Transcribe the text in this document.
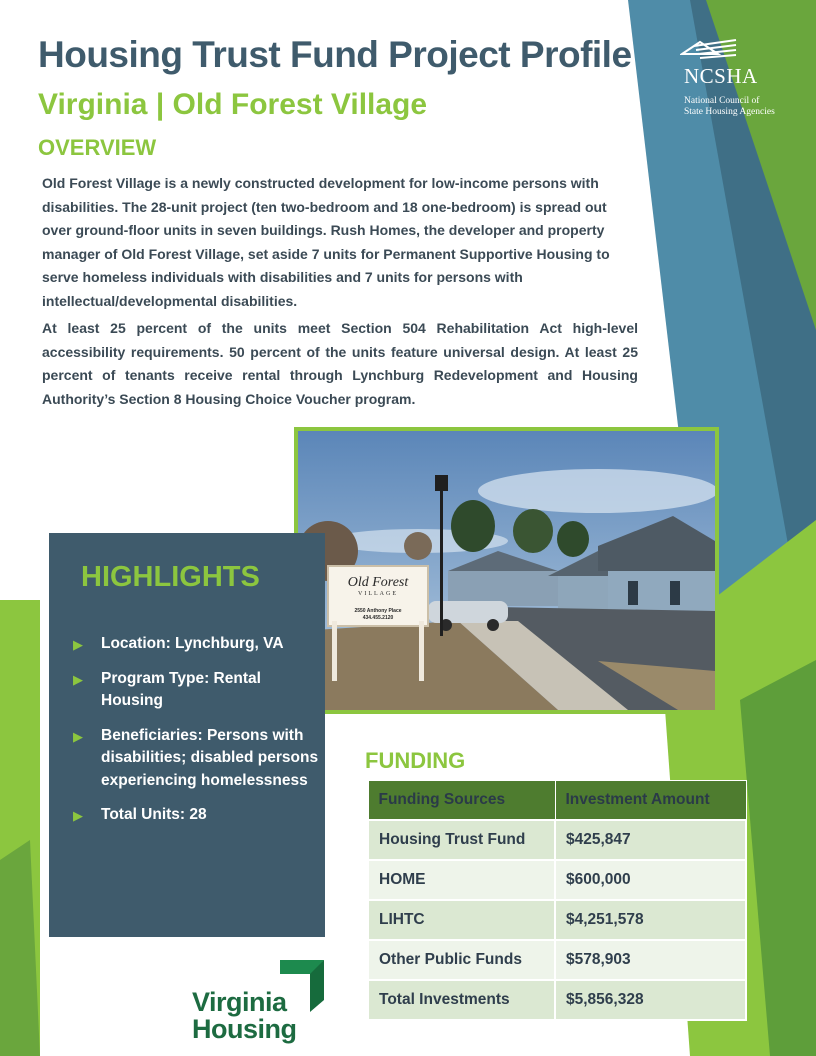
Housing Trust Fund Project Profile
Virginia | Old Forest Village
OVERVIEW
Old Forest Village is a newly constructed development for low-income persons with disabilities. The 28-unit project (ten two-bedroom and 18 one-bedroom) is spread out over ground-floor units in seven buildings. Rush Homes, the developer and property manager of Old Forest Village, set aside 7 units for Permanent Supportive Housing to serve homeless individuals with disabilities and 7 units for persons with intellectual/developmental disabilities.
At least 25 percent of the units meet Section 504 Rehabilitation Act high-level accessibility requirements. 50 percent of the units feature universal design. At least 25 percent of tenants receive rental through Lynchburg Redevelopment and Housing Authority’s Section 8 Housing Choice Voucher program.
NCSHA
National Council of
State Housing Agencies
Old Forest
VILLAGE
2550 Anthony Place
434.455.2120
HIGHLIGHTS
▶ Location: Lynchburg, VA
▶ Program Type: Rental Housing
▶ Beneficiaries: Persons with disabilities; disabled persons experiencing homelessness
▶ Total Units: 28
FUNDING
Funding Sources	Investment Amount
Housing Trust Fund	$425,847
HOME	$600,000
LIHTC	$4,251,578
Other Public Funds	$578,903
Total Investments	$5,856,328
Virginia
Housing
